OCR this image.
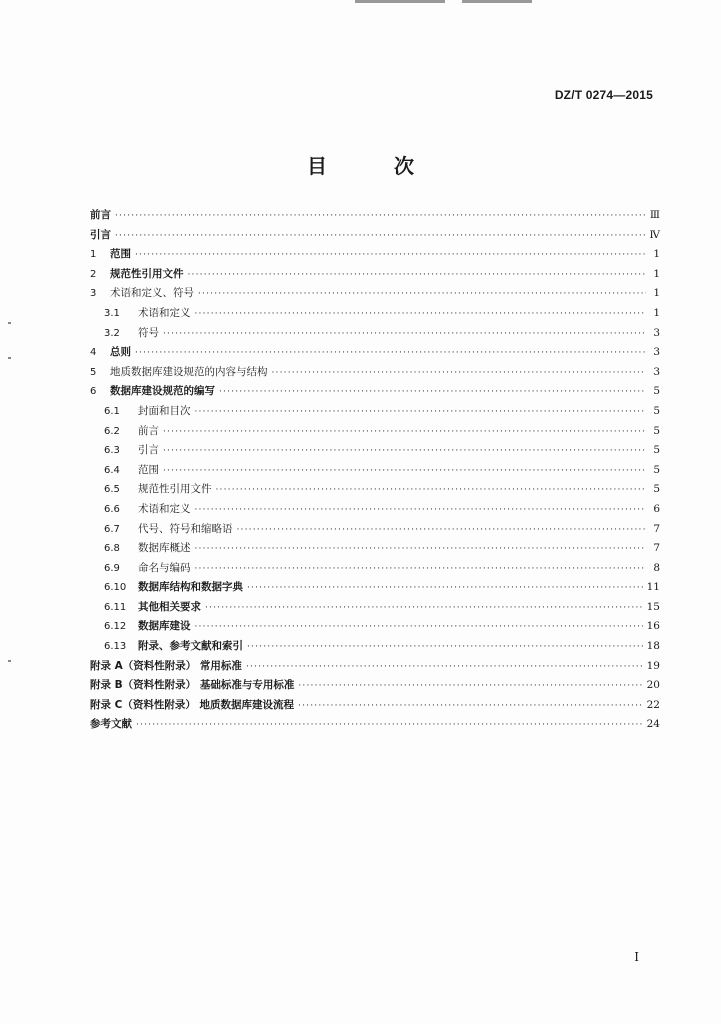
DZ/T 0274—2015
目 次
前言 ·····	Ⅲ
引言 ·····	Ⅳ
1	范围 ·····	1
2	规范性引用文件 ·····	1
3	术语和定义、符号 ·····	1
3.1	术语和定义 ·····	1
3.2	符号 ·····	3
4	总则 ·····	3
5	地质数据库建设规范的内容与结构 ·····	3
6	数据库建设规范的编写 ·····	5
6.1	封面和目次 ·····	5
6.2	前言 ·····	5
6.3	引言 ·····	5
6.4	范围 ·····	5
6.5	规范性引用文件 ·····	5
6.6	术语和定义 ·····	6
6.7	代号、符号和缩略语 ·····	7
6.8	数据库概述 ·····	7
6.9	命名与编码 ·····	8
6.10	数据库结构和数据字典 ·····	11
6.11	其他相关要求 ·····	15
6.12	数据库建设 ·····	16
6.13	附录、参考文献和索引 ·····	18
附录 A（资料性附录） 常用标准 ·····	19
附录 B（资料性附录） 基础标准与专用标准 ·····	20
附录 C（资料性附录） 地质数据库建设流程 ·····	22
参考文献 ·····	24
Ⅰ
